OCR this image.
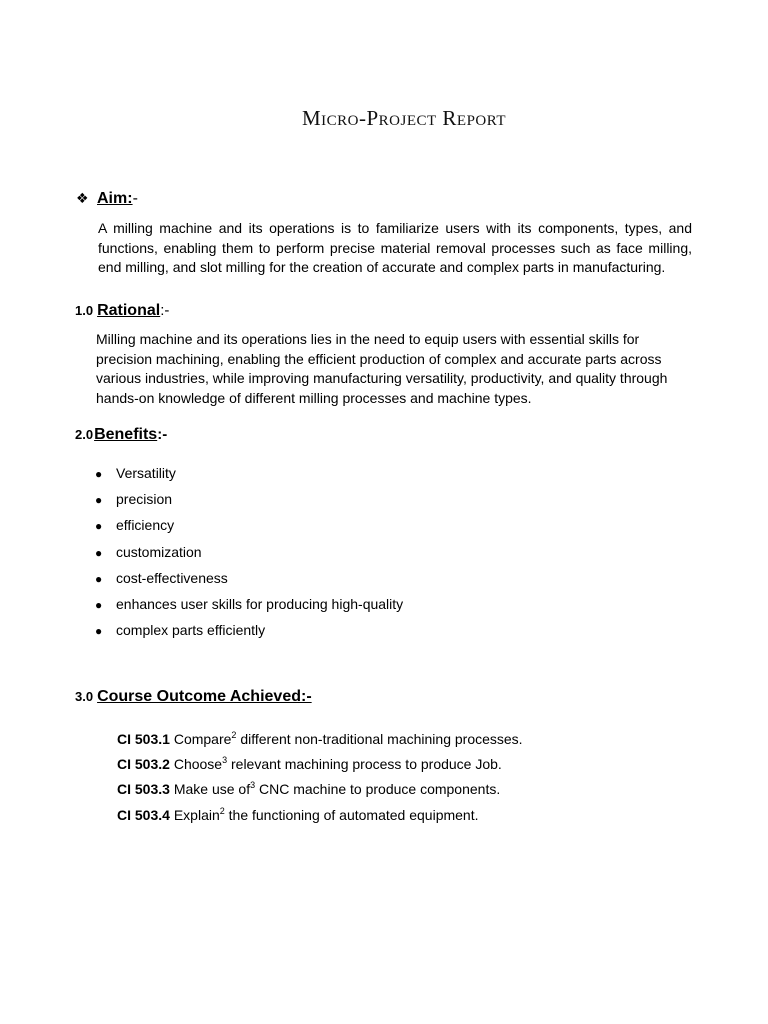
Micro-Project Report
❖ Aim: -
A milling machine and its operations is to familiarize users with its components, types, and functions, enabling them to perform precise material removal processes such as face milling, end milling, and slot milling for the creation of accurate and complex parts in manufacturing.
1.0 Rational :-
Milling machine and its operations lies in the need to equip users with essential skills for precision machining, enabling the efficient production of complex and accurate parts across various industries, while improving manufacturing versatility, productivity, and quality through hands-on knowledge of different milling processes and machine types.
2.0 Benefits :-
● Versatility
● precision
● efficiency
● customization
● cost-effectiveness
● enhances user skills for producing high-quality
● complex parts efficiently
3.0 Course Outcome Achieved:-
CI 503.1 Compare$^2$ different non-traditional machining processes.
CI 503.2 Choose$^3$ relevant machining process to produce Job.
CI 503.3 Make use $of^3$ CNC machine to produce components.
CI 503.4 Explain$^2$ the functioning of automated equipment.
